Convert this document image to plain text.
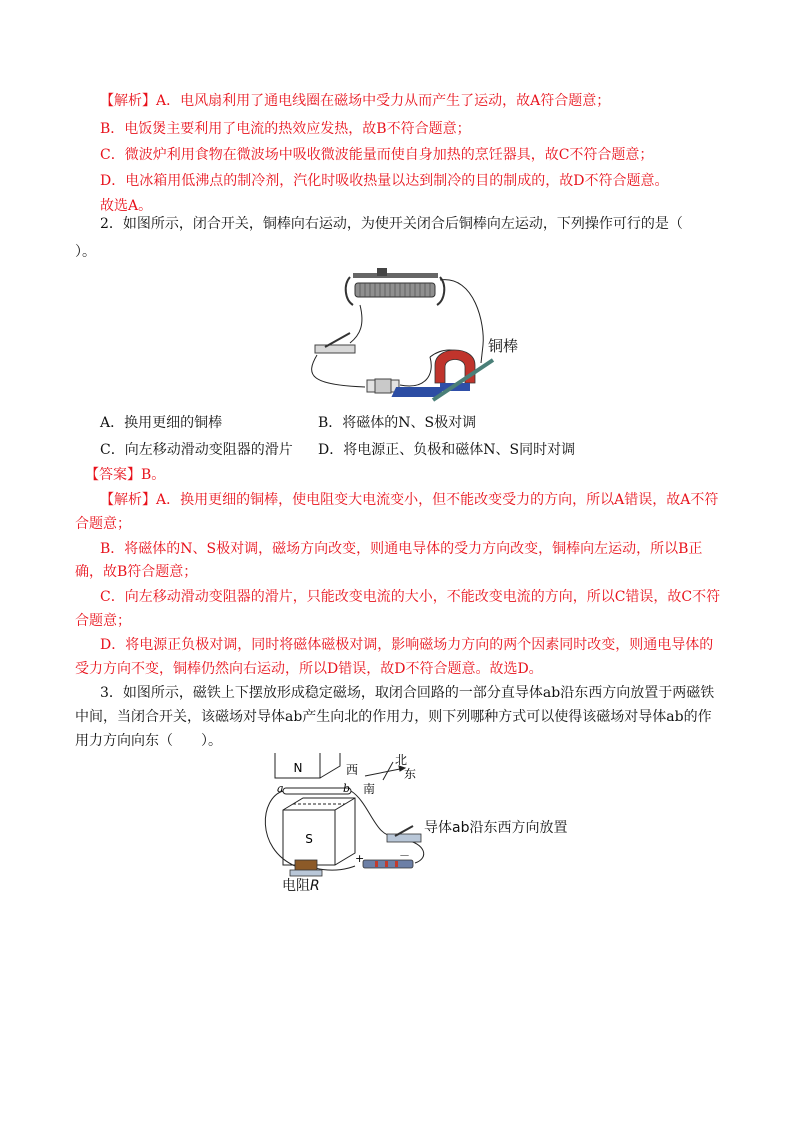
【解析】A．电风扇利用了通电线圈在磁场中受力从而产生了运动，故A符合题意；
B．电饭煲主要利用了电流的热效应发热，故B不符合题意；
C．微波炉利用食物在微波场中吸收微波能量而使自身加热的烹饪器具，故C不符合题意；
D．电冰箱用低沸点的制冷剂，汽化时吸收热量以达到制冷的目的制成的，故D不符合题意。
故选A。
2．如图所示，闭合开关，铜棒向右运动，为使开关闭合后铜棒向左运动，下列操作可行的是（
）。
铜棒
A．换用更细的铜棒	B．将磁体的N、S极对调
C．向左移动滑动变阻器的滑片 D．将电源正、负极和磁体N、S同时对调
【答案】B。
【解析】A．换用更细的铜棒，使电阻变大电流变小，但不能改变受力的方向，所以A错误，故A不符
合题意；
B．将磁体的N、S极对调，磁场方向改变，则通电导体的受力方向改变，铜棒向左运动，所以B正
确，故B符合题意；
C．向左移动滑动变阻器的滑片，只能改变电流的大小，不能改变电流的方向，所以C错误，故C不符
合题意；
D．将电源正负极对调，同时将磁体磁极对调，影响磁场力方向的两个因素同时改变，则通电导体的
受力方向不变，铜棒仍然向右运动，所以D错误，故D不符合题意。故选D。
3．如图所示，磁铁上下摆放形成稳定磁场，取闭合回路的一部分直导体ab沿东西方向放置于两磁铁
中间，当闭合开关，该磁场对导体ab产生向北的作用力，则下列哪种方式可以使得该磁场对导体ab的作
用力方向向东（　　）。
N
a	b
S
西
北
东
南
+	－
导体ab沿东西方向放置
电阻R
